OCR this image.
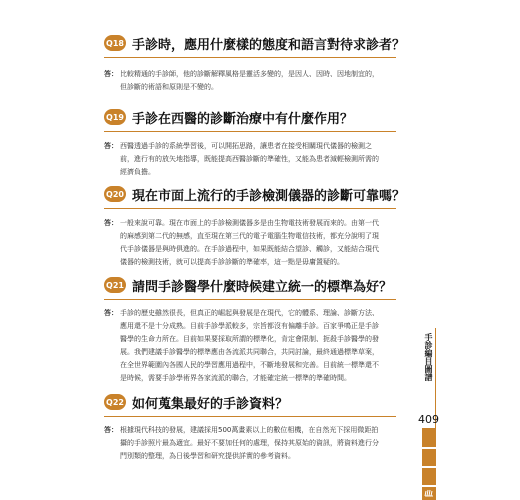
Q18 手診時，應用什麼樣的態度和語言對待求診者？
答： 比較精通的手診師，他的診斷解釋風格是靈活多變的，是因人、因時、因地制宜的，
但診斷的術語和原則是不變的。
Q19 手診在西醫的診斷治療中有什麼作用？
答： 西醫透過手診的系統學習後，可以開拓思路，讓患者在接受相關現代儀器的檢測之
前，進行有的放矢地指導，既能提高西醫診斷的準確性，又能為患者減輕檢測所需的
經濟負擔。
Q20 現在市面上流行的手診檢測儀器的診斷可靠嗎？
答： 一般來說可靠。現在市面上的手診檢測儀器多是由生物電技術發展而來的。由第一代
的麻感到第二代的無感，直至現在第三代的電子電腦生物電信技術，都充分說明了現
代手診儀器是與時俱進的。在手診過程中，如果既能結合望診、觸診，又能結合現代
儀器的檢測技術，就可以提高手診診斷的準確率，這一點是毋庸置疑的。
Q21 請問手診醫學什麼時候建立統一的標準為好？
答： 手診的歷史雖然很長，但真正的崛起與發展是在現代，它的體系、理論、診斷方法、
應用還不是十分成熟。目前手診學派較多，宗旨都沒有偏離手診。百家爭鳴正是手診
醫學的生命力所在。目前如果要採取所謂的標準化，肯定會限制、扼殺手診醫學的發
展。我們建議手診醫學的標準應由各流派共同聯合，共同討論，最終通過標準草案，
在全世界範圍內各國人民的學習應用過程中，不斷地發展和完善。目前統一標準還不
是時候，需要手診學術界各家流派的聯合，才能確定統一標準的準確時間。
Q22 如何蒐集最好的手診資料？
答： 根據現代科技的發展，建議採用500萬畫素以上的數位相機，在自然光下採用微距拍
攝的手診照片最為適宜。最好不要加任何的處理，保持其原始的資訊，將資料進行分
門別類的整理，為日後學習和研究提供詳實的參考資料。
手診編目圖譜
409
